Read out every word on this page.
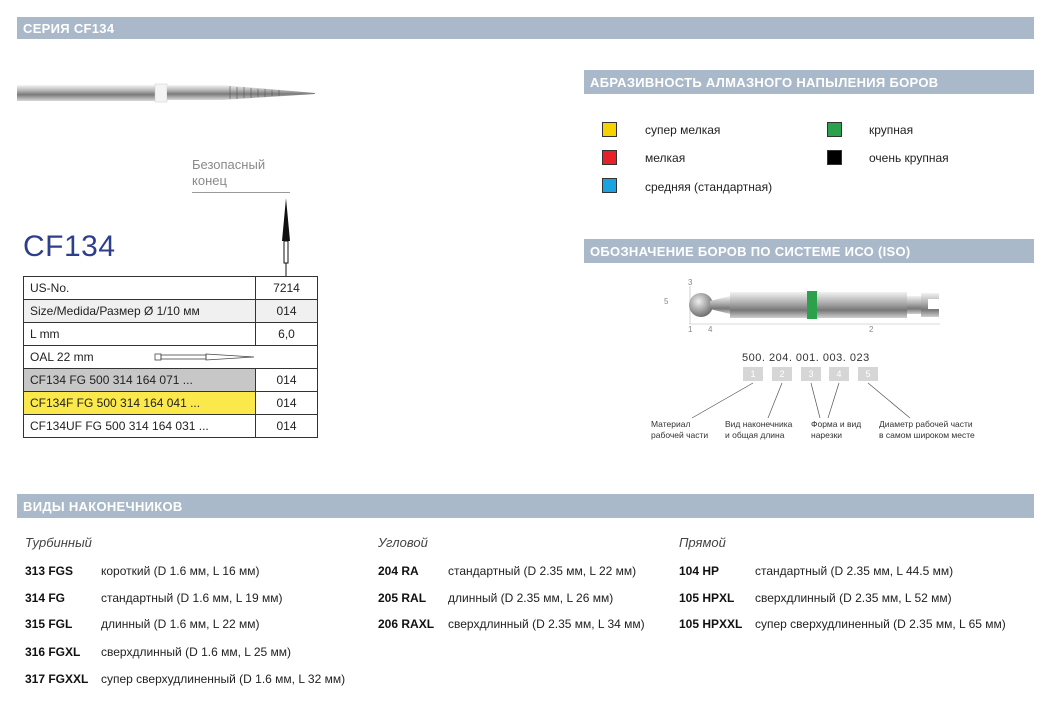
СЕРИЯ CF134
Безопасный
конец
CF134
US-No.	7214
Size/Medida/Размер Ø 1/10 мм	014
L mm	6,0
OAL 22 mm	

CF134 FG 500 314 164 071 ...	014
CF134F FG 500 314 164 041 ...	014
CF134UF FG 500 314 164 031 ...	014
АБРАЗИВНОСТЬ АЛМАЗНОГО НАПЫЛЕНИЯ БОРОВ
супер мелкая
мелкая
средняя (стандартная)
крупная
очень крупная
ОБОЗНАЧЕНИЕ БОРОВ ПО СИСТЕМЕ ИСО (ISO)
3
5
1 4	2
500. 204. 001. 003. 023
1	2	3	4	5
Материал
рабочей части
Вид наконечника
и общая длина
Форма и вид
нарезки
Диаметр рабочей части
в самом широком месте
ВИДЫ НАКОНЕЧНИКОВ
Турбинный
313 FGS короткий (D 1.6 мм, L 16 мм)
314 FG	стандартный (D 1.6 мм, L 19 мм)
315 FGL длинный (D 1.6 мм, L 22 мм)
316 FGXL сверхдлинный (D 1.6 мм, L 25 мм)
317 FGXXL супер сверхудлиненный (D 1.6 мм, L 32 мм)
Угловой
204 RA стандартный (D 2.35 мм, L 22 мм)
205 RAL длинный (D 2.35 мм, L 26 мм)
206 RAXL сверхдлинный (D 2.35 мм, L 34 мм)
Прямой
104 HP	стандартный (D 2.35 мм, L 44.5 мм)
105 HPXL сверхдлинный (D 2.35 мм, L 52 мм)
105 HPXXL супер сверхудлиненный (D 2.35 мм, L 65 мм)
